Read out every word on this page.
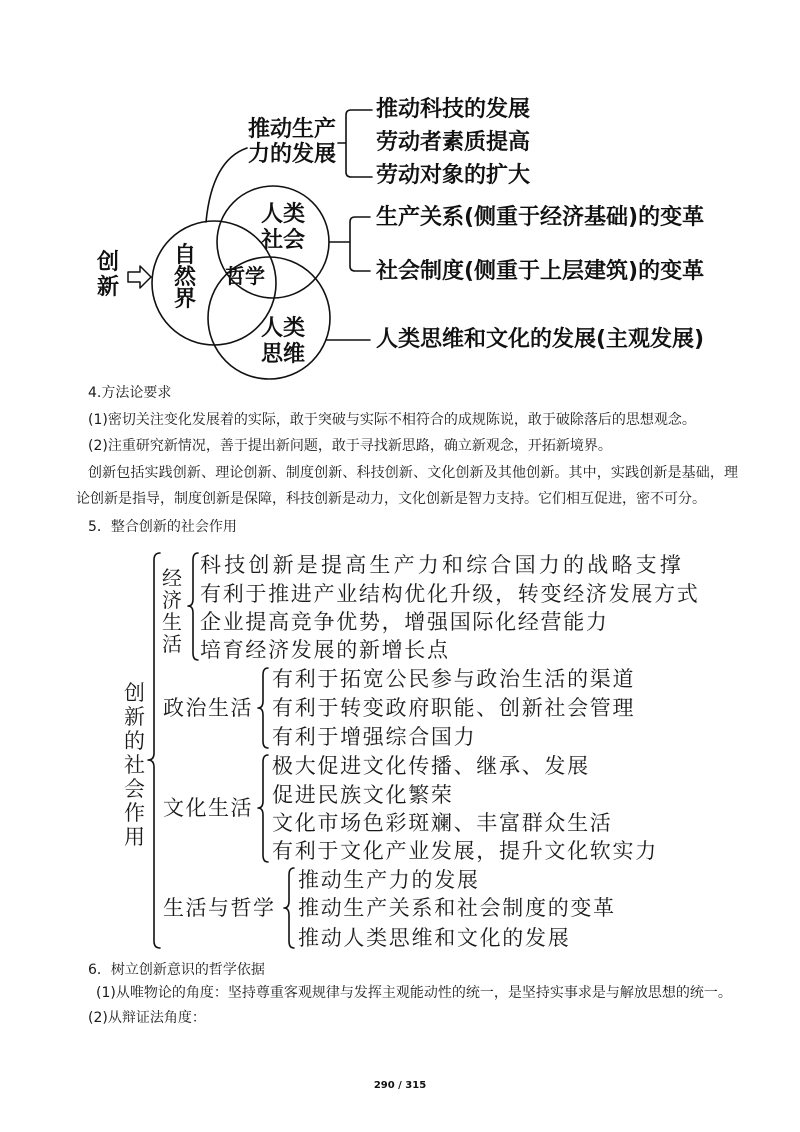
创新
自然界
人类社会
哲学
人类思维
推动生产力的发展
推动科技的发展
劳动者素质提高
劳动对象的扩大
生产关系(侧重于经济基础)的变革
社会制度(侧重于上层建筑)的变革
人类思维和文化的发展(主观发展)
4.方法论要求
(1)密切关注变化发展着的实际，敢于突破与实际不相符合的成规陈说，敢于破除落后的思想观念。
(2)注重研究新情况，善于提出新问题，敢于寻找新思路，确立新观念，开拓新境界。

创新包括实践创新、理论创新、制度创新、科技创新、文化创新及其他创新。其中，实践创新是基础，理论创新是指导，制度创新是保障，科技创新是动力，文化创新是智力支持。它们相互促进，密不可分。

5．整合创新的社会作用
创新的社会作用
经济生活
科技创新是提高生产力和综合国力的战略支撑
有利于推进产业结构优化升级，转变经济发展方式
企业提高竞争优势，增强国际化经营能力
培育经济发展的新增长点
政治生活
有利于拓宽公民参与政治生活的渠道
有利于转变政府职能、创新社会管理
有利于增强综合国力
文化生活
极大促进文化传播、继承、发展
促进民族文化繁荣
文化市场色彩斑斓、丰富群众生活
有利于文化产业发展，提升文化软实力
生活与哲学
推动生产力的发展
推动生产关系和社会制度的变革
推动人类思维和文化的发展
6．树立创新意识的哲学依据
(1)从唯物论的角度：坚持尊重客观规律与发挥主观能动性的统一，是坚持实事求是与解放思想的统一。
(2)从辩证法角度：
290 / 315
